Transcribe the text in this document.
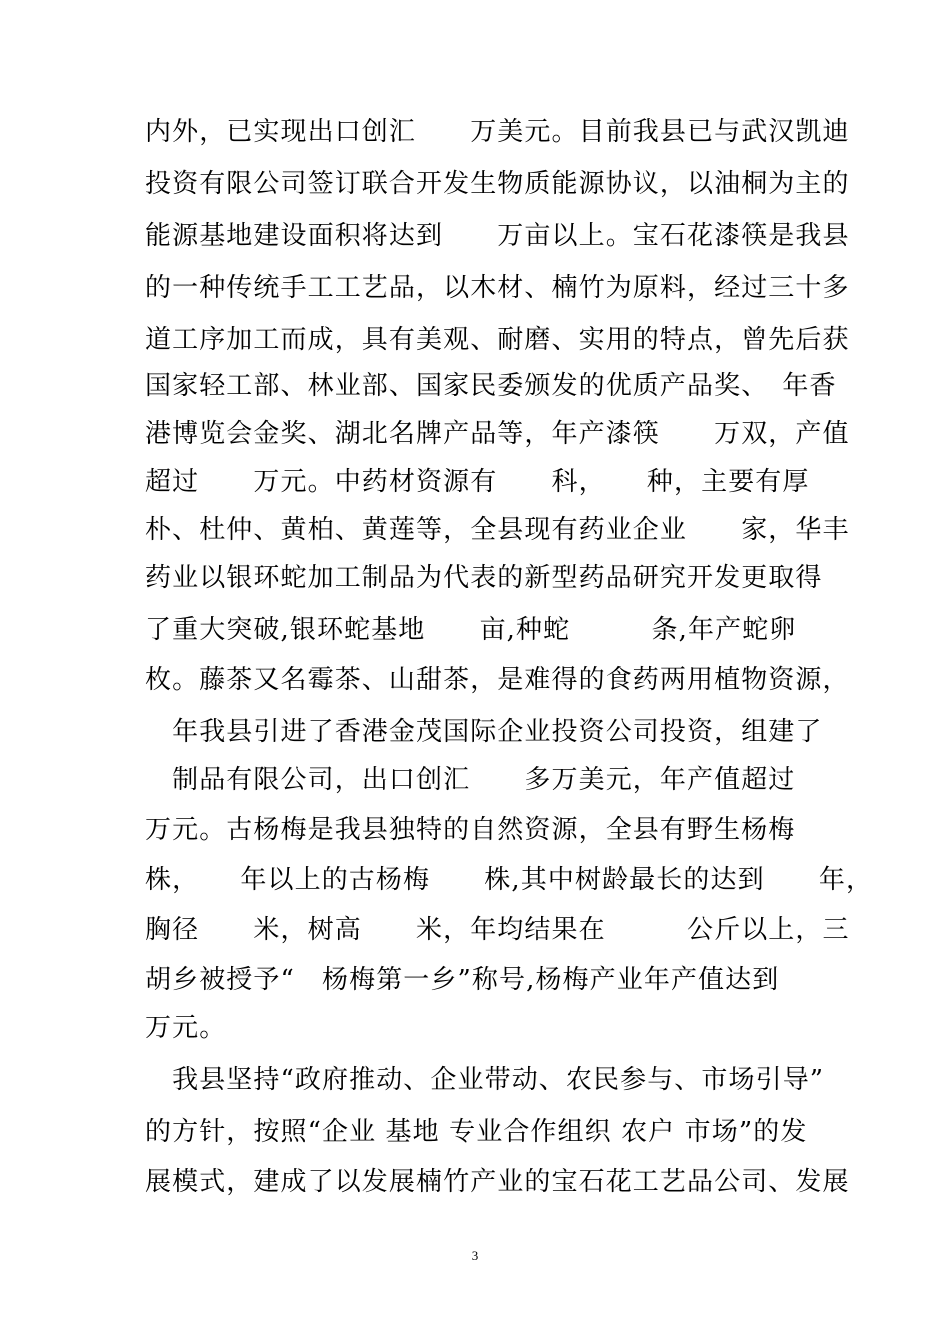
内外，已实现出口创汇　　万美元。目前我县已与武汉凯迪
投资有限公司签订联合开发生物质能源协议，以油桐为主的
能源基地建设面积将达到　　万亩以上。宝石花漆筷是我县
的一种传统手工工艺品，以木材、楠竹为原料，经过三十多
道工序加工而成，具有美观、耐磨、实用的特点，曾先后获
国家轻工部、林业部、国家民委颁发的优质产品奖、　年香
港博览会金奖、湖北名牌产品等，年产漆筷　　万双，产值
超过　　万元。中药材资源有　　科，　　种，主要有厚
朴、杜仲、黄柏、黄莲等，全县现有药业企业　　家，华丰
药业以银环蛇加工制品为代表的新型药品研究开发更取得
了重大突破,银环蛇基地　　亩,种蛇　　　条,年产蛇卵
枚。藤茶又名霉茶、山甜茶，是难得的食药两用植物资源，
　年我县引进了香港金茂国际企业投资公司投资，组建了
　制品有限公司，出口创汇　　多万美元，年产值超过
万元。古杨梅是我县独特的自然资源，全县有野生杨梅
株，　　年以上的古杨梅　　株,其中树龄最长的达到　　年，
胸径　　米，树高　　米，年均结果在　　　公斤以上，三
胡乡被授予“　杨梅第一乡”称号,杨梅产业年产值达到
万元。
　我县坚持“政府推动、企业带动、农民参与、市场引导”
的方针，按照“企业 基地 专业合作组织 农户 市场”的发
展模式，建成了以发展楠竹产业的宝石花工艺品公司、发展
3
